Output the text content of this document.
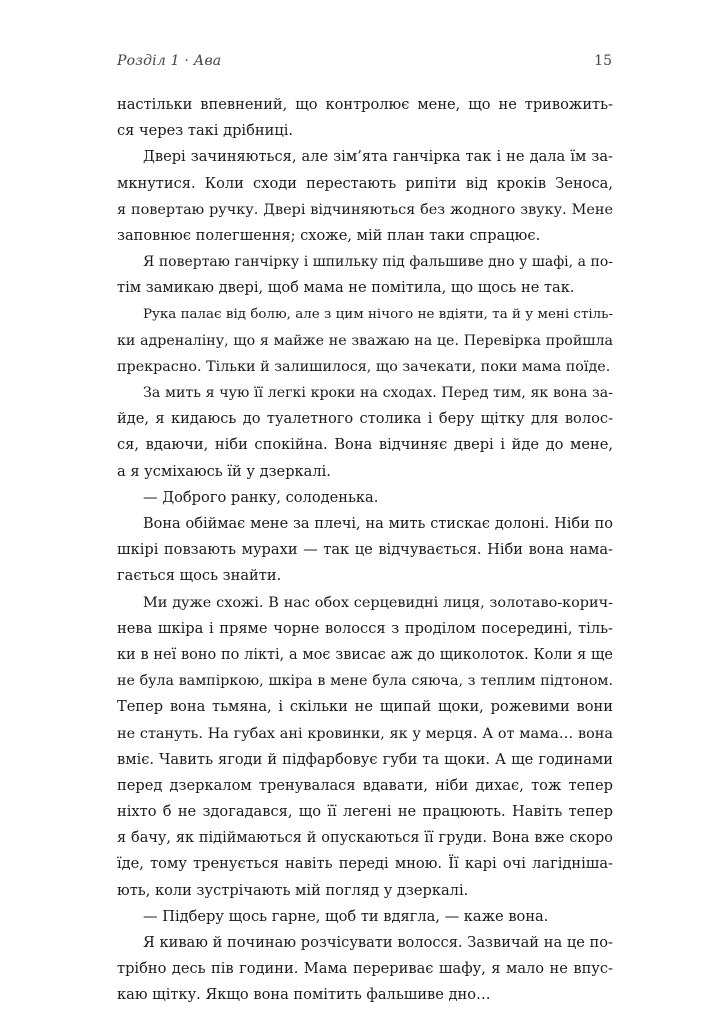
Розділ 1 · Ава	15
настільки впевнений, що контролює мене, що не тривожить-
ся через такі дрібниці.
Двері зачиняються, але зім’ята ганчірка так і не дала їм за-
мкнутися. Коли сходи перестають рипіти від кроків Зеноса,
я повертаю ручку. Двері відчиняються без жодного звуку. Мене
заповнює полегшення; схоже, мій план таки спрацює.
Я повертаю ганчірку і шпильку під фальшиве дно у шафі, а по-
тім замикаю двері, щоб мама не помітила, що щось не так.
Рука палає від болю, але з цим нічого не вдіяти, та й у мені стіль-
ки адреналіну, що я майже не зважаю на це. Перевірка пройшла
прекрасно. Тільки й залишилося, що зачекати, поки мама поїде.
За мить я чую її легкі кроки на сходах. Перед тим, як вона за-
йде, я кидаюсь до туалетного столика і беру щітку для волос-
ся, вдаючи, ніби спокійна. Вона відчиняє двері і йде до мене,
а я усміхаюсь їй у дзеркалі.
— Доброго ранку, солоденька.
Вона обіймає мене за плечі, на мить стискає долоні. Ніби по
шкірі повзають мурахи — так це відчувається. Ніби вона нама-
гається щось знайти.
Ми дуже схожі. В нас обох серцевидні лиця, золотаво-корич-
нева шкіра і пряме чорне волосся з проділом посередині, тіль-
ки в неї воно по лікті, а моє звисає аж до щиколоток. Коли я ще
не була вампіркою, шкіра в мене була сяюча, з теплим підтоном.
Тепер вона тьмяна, і скільки не щипай щоки, рожевими вони
не стануть. На губах ані кровинки, як у мерця. А от мама… вона
вміє. Чавить ягоди й підфарбовує губи та щоки. А ще годинами
перед дзеркалом тренувалася вдавати, ніби дихає, тож тепер
ніхто б не здогадався, що її легені не працюють. Навіть тепер
я бачу, як підіймаються й опускаються її груди. Вона вже скоро
їде, тому тренується навіть переді мною. Її карі очі лагідніша-
ють, коли зустрічають мій погляд у дзеркалі.
— Підберу щось гарне, щоб ти вдягла, — каже вона.
Я киваю й починаю розчісувати волосся. Зазвичай на це по-
трібно десь пів години. Мама перериває шафу, я мало не впус-
каю щітку. Якщо вона помітить фальшиве дно…
